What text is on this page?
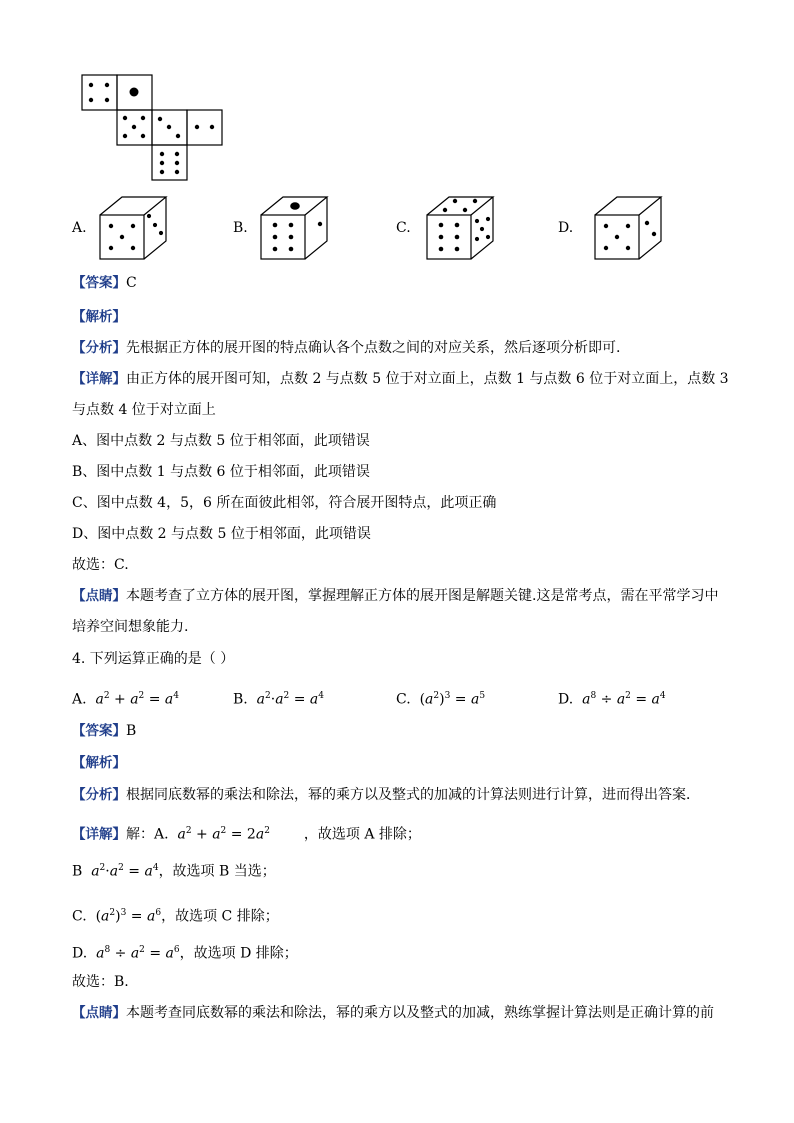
A.	B.	C.	D.
【答案】C
【解析】
【分析】先根据正方体的展开图的特点确认各个点数之间的对应关系，然后逐项分析即可.
【详解】由正方体的展开图可知，点数 2 与点数 5 位于对立面上，点数 1 与点数 6 位于对立面上，点数 3
与点数 4 位于对立面上
A、图中点数 2 与点数 5 位于相邻面，此项错误
B、图中点数 1 与点数 6 位于相邻面，此项错误
C、图中点数 4，5，6 所在面彼此相邻，符合展开图特点，此项正确
D、图中点数 2 与点数 5 位于相邻面，此项错误
故选：C.
【点睛】本题考查了立方体的展开图，掌握理解正方体的展开图是解题关键.这是常考点，需在平常学习中
培养空间想象能力.
4. 下列运算正确的是（ ）
A.  $a^2 + a^2 = a^4$	B.  $a^2\cdot a^2 = a^4$	C.  $(a^2)^3 = a^5$	D.  $a^8 \div a^2 = a^4$
【答案】B
【解析】
【分析】根据同底数幂的乘法和除法，幂的乘方以及整式的加减的计算法则进行计算，进而得出答案．
【详解】解：A.  $a^2 + a^2 = 2a^2$ ，故选项 A 排除；
B  $a^2\cdot a^2 = a^4$，故选项 B 当选；
C.  $(a^2)^3 = a^6$，故选项 C 排除；
D.  $a^8 \div a^2 = a^6$，故选项 D 排除；
故选：B.
【点睛】本题考查同底数幂的乘法和除法，幂的乘方以及整式的加减，熟练掌握计算法则是正确计算的前
